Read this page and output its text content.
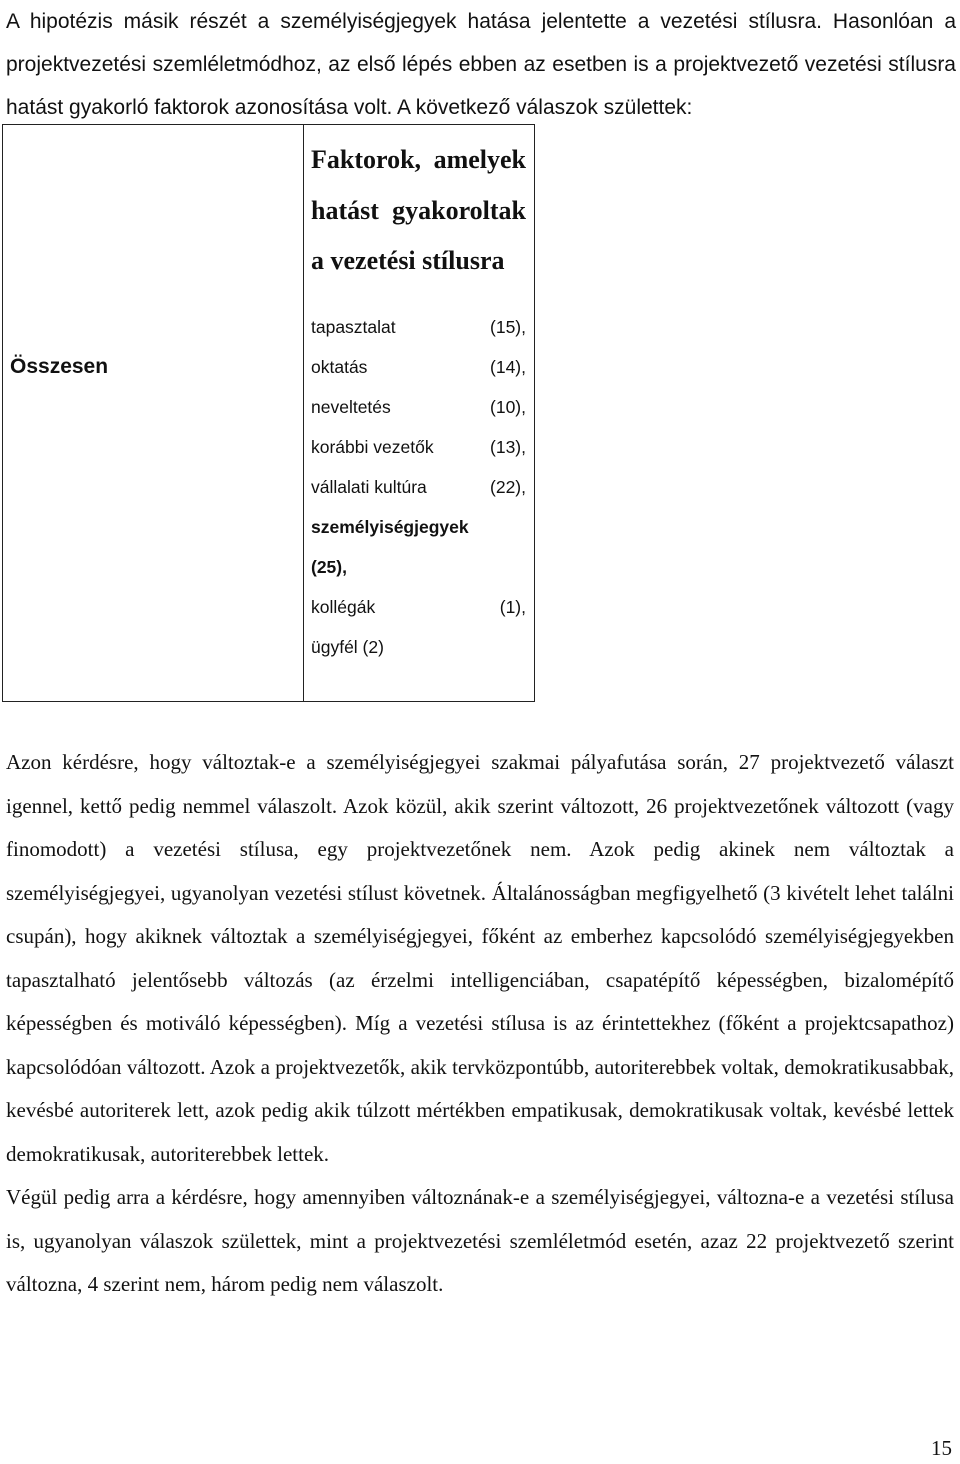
A hipotézis másik részét a személyiségjegyek hatása jelentette a vezetési stílusra. Hasonlóan a projektvezetési szemléletmódhoz, az első lépés ebben az esetben is a projektvezető vezetési stílusra hatást gyakorló faktorok azonosítása volt. A következő válaszok születtek:

Összesen

Faktorok, amelyek hatást gyakoroltak a vezetési stílusra
tapasztalat	(15),
oktatás	(14),
neveltetés	(10),
korábbi vezetők	(13),
vállalati kultúra	(22),
személyiségjegyek
(25),
kollégák	(1),
ügyfél (2)

Azon kérdésre, hogy változtak-e a személyiségjegyei szakmai pályafutása során, 27 projektvezető választ igennel, kettő pedig nemmel válaszolt. Azok közül, akik szerint változott, 26 projektvezetőnek változott (vagy finomodott) a vezetési stílusa, egy projektvezetőnek nem. Azok pedig akinek nem változtak a személyiségjegyei, ugyanolyan vezetési stílust követnek. Általánosságban megfigyelhető (3 kivételt lehet találni csupán), hogy akiknek változtak a személyiségjegyei, főként az emberhez kapcsolódó személyiségjegyekben tapasztalható jelentősebb változás (az érzelmi intelligenciában, csapatépítő képességben, bizalomépítő képességben és motiváló képességben). Míg a vezetési stílusa is az érintettekhez (főként a projektcsapathoz) kapcsolódóan változott. Azok a projektvezetők, akik tervközpontúbb, autoriterebbek voltak, demokratikusabbak, kevésbé autoriterek lett, azok pedig akik túlzott mértékben empatikusak, demokratikusak voltak, kevésbé lettek demokratikusak, autoriterebbek lettek.

Végül pedig arra a kérdésre, hogy amennyiben változnának-e a személyiségjegyei, változna-e a vezetési stílusa is, ugyanolyan válaszok születtek, mint a projektvezetési szemléletmód esetén, azaz 22 projektvezető szerint változna, 4 szerint nem, három pedig nem válaszolt.

15
